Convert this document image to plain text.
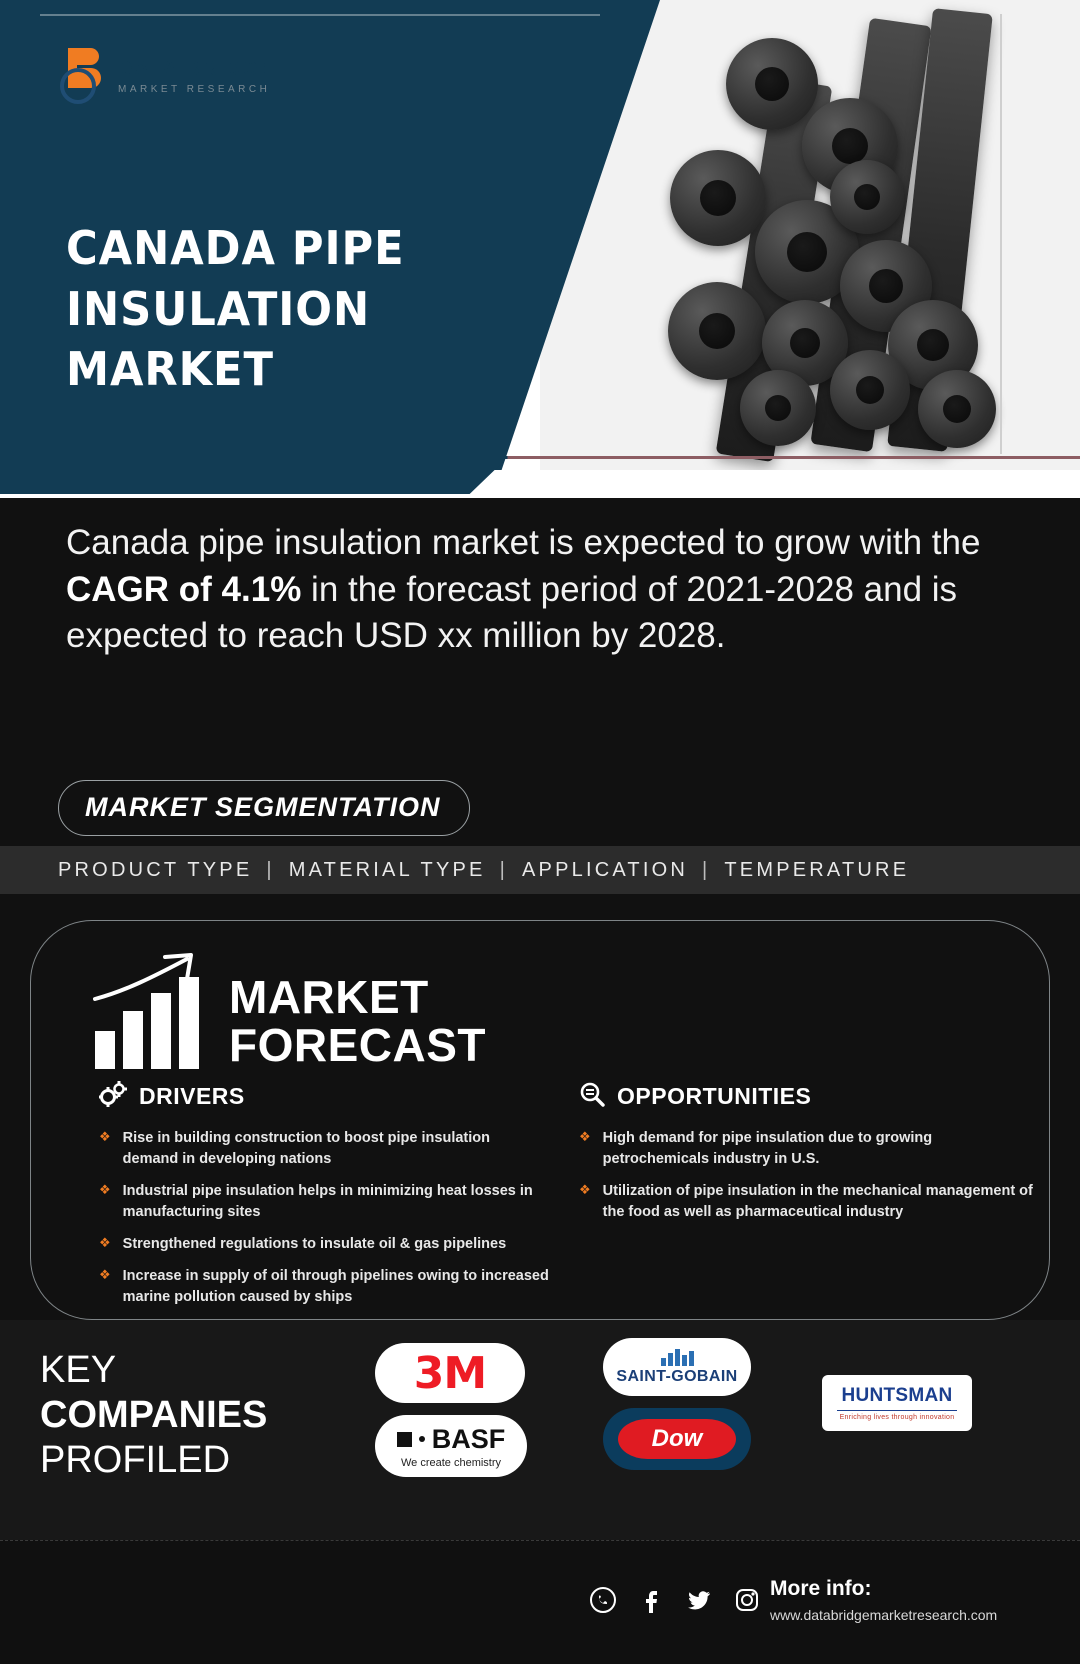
DATA BRIDGE
MARKET RESEARCH
CANADA PIPE INSULATION MARKET
Canada pipe insulation market is expected to grow with the CAGR of 4.1% in the forecast period of 2021-2028 and is expected to reach USD xx million by 2028.
MARKET SEGMENTATION
PRODUCT TYPE | MATERIAL TYPE | APPLICATION | TEMPERATURE
MARKET
FORECAST
DRIVERS
❖ Rise in building construction to boost pipe insulation demand in developing nations
❖ Industrial pipe insulation helps in minimizing heat losses in manufacturing sites
❖ Strengthened regulations to insulate oil & gas pipelines
❖ Increase in supply of oil through pipelines owing to increased marine pollution caused by ships
OPPORTUNITIES
❖ High demand for pipe insulation due to growing petrochemicals industry in U.S.
❖ Utilization of pipe insulation in the mechanical management of the food as well as pharmaceutical industry
KEY
COMPANIES
PROFILED
3M
BASF
We create chemistry
SAINT-GOBAIN
Dow
HUNTSMAN
Enriching lives through innovation
More info:
www.databridgemarketresearch.com
